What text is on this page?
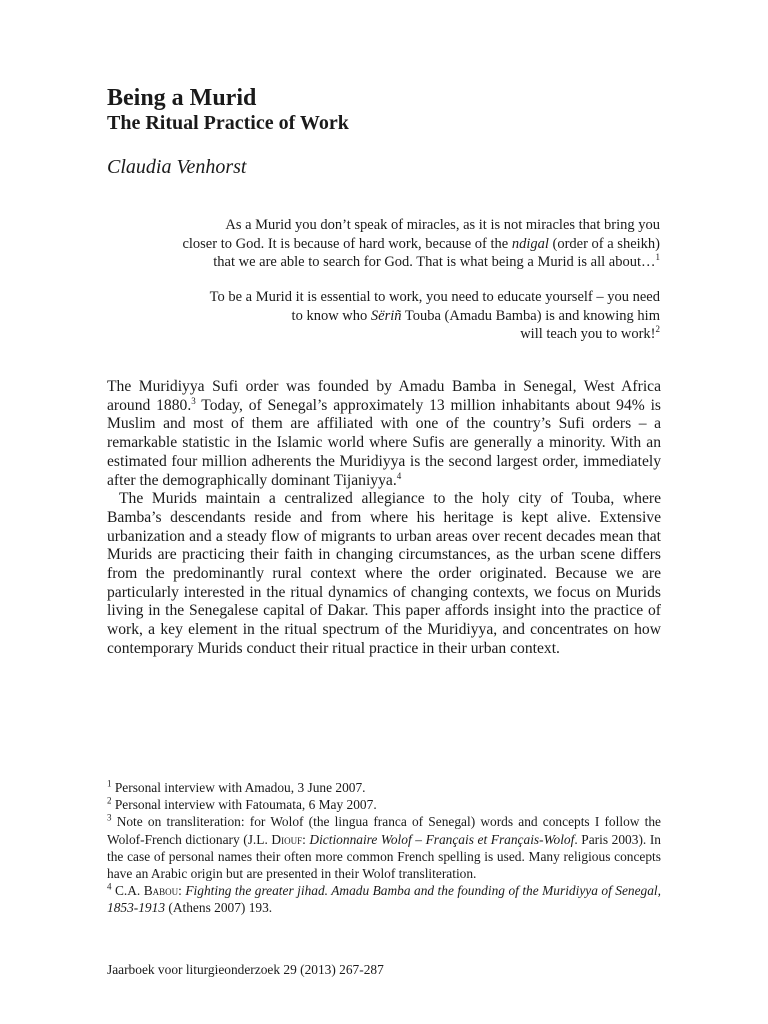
Being a Murid
The Ritual Practice of Work
Claudia Venhorst
As a Murid you don’t speak of miracles, as it is not miracles that bring you
closer to God. It is because of hard work, because of the ndigal (order of a sheikh)
that we are able to search for God. That is what being a Murid is all about…$^1$
To be a Murid it is essential to work, you need to educate yourself – you need
to know who Sëriñ Touba (Amadu Bamba) is and knowing him
will teach you to work!$^2$

The Muridiyya Sufi order was founded by Amadu Bamba in Senegal, West Africa around 1880.$^3$ Today, of Senegal’s approximately 13 million inhabitants about 94% is Muslim and most of them are affiliated with one of the country’s Sufi orders – a remarkable statistic in the Islamic world where Sufis are generally a minority. With an estimated four million adherents the Muridiyya is the second largest order, immediately after the demographically dominant Tijaniyya.$^4$

The Murids maintain a centralized allegiance to the holy city of Touba, where Bamba’s descendants reside and from where his heritage is kept alive. Extensive urbanization and a steady flow of migrants to urban areas over recent decades mean that Murids are practicing their faith in changing circumstances, as the urban scene differs from the predominantly rural context where the order originated. Because we are particularly interested in the ritual dynamics of changing contexts, we focus on Murids living in the Senegalese capital of Dakar. This paper affords insight into the practice of work, a key element in the ritual spectrum of the Muridiyya, and concentrates on how contemporary Murids conduct their ritual practice in their urban context.

$^1$ Personal interview with Amadou, 3 June 2007.

$^2$ Personal interview with Fatoumata, 6 May 2007.

$^3$ Note on transliteration: for Wolof (the lingua franca of Senegal) words and concepts I follow the Wolof-French dictionary (J.L. Diouf: Dictionnaire Wolof – Français et Français-Wolof. Paris 2003). In the case of personal names their often more common French spelling is used. Many religious concepts have an Arabic origin but are presented in their Wolof transliteration.

$^4$ C.A. Babou: Fighting the greater jihad. Amadu Bamba and the founding of the Muridiyya of Senegal, 1853-1913 (Athens 2007) 193.

Jaarboek voor liturgieonderzoek 29 (2013) 267-287
